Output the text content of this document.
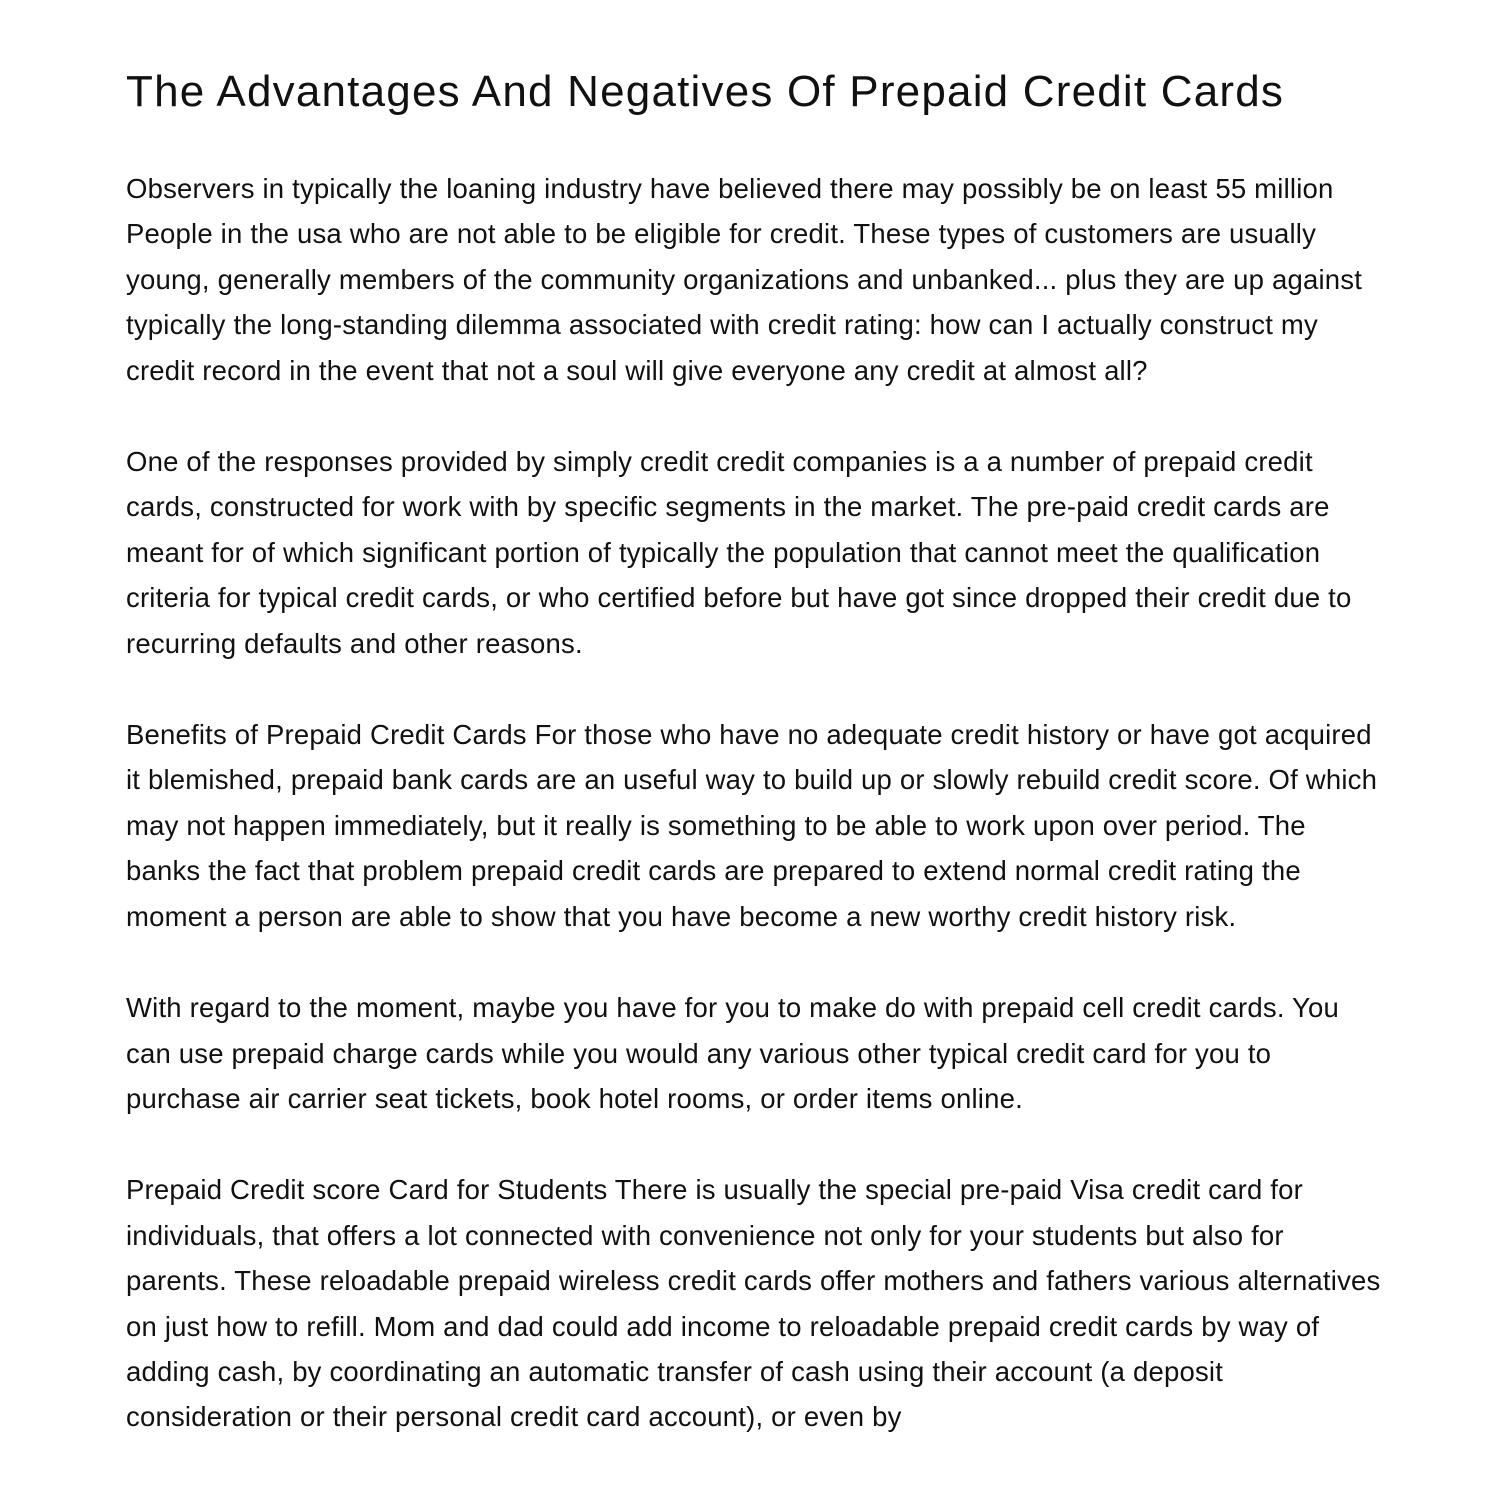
The Advantages And Negatives Of Prepaid Credit Cards

Observers in typically the loaning industry have believed there may possibly be on least 55 million People in the usa who are not able to be eligible for credit. These types of customers are usually young, generally members of the community organizations and unbanked... plus they are up against typically the long-standing dilemma associated with credit rating: how can I actually construct my credit record in the event that not a soul will give everyone any credit at almost all?

One of the responses provided by simply credit credit companies is a a number of prepaid credit cards, constructed for work with by specific segments in the market. The pre-paid credit cards are meant for of which significant portion of typically the population that cannot meet the qualification criteria for typical credit cards, or who certified before but have got since dropped their credit due to recurring defaults and other reasons.

Benefits of Prepaid Credit Cards For those who have no adequate credit history or have got acquired it blemished, prepaid bank cards are an useful way to build up or slowly rebuild credit score. Of which may not happen immediately, but it really is something to be able to work upon over period. The banks the fact that problem prepaid credit cards are prepared to extend normal credit rating the moment a person are able to show that you have become a new worthy credit history risk.

With regard to the moment, maybe you have for you to make do with prepaid cell credit cards. You can use prepaid charge cards while you would any various other typical credit card for you to purchase air carrier seat tickets, book hotel rooms, or order items online.

Prepaid Credit score Card for Students There is usually the special pre-paid Visa credit card for individuals, that offers a lot connected with convenience not only for your students but also for parents. These reloadable prepaid wireless credit cards offer mothers and fathers various alternatives on just how to refill. Mom and dad could add income to reloadable prepaid credit cards by way of adding cash, by coordinating an automatic transfer of cash using their account (a deposit consideration or their personal credit card account), or even by
